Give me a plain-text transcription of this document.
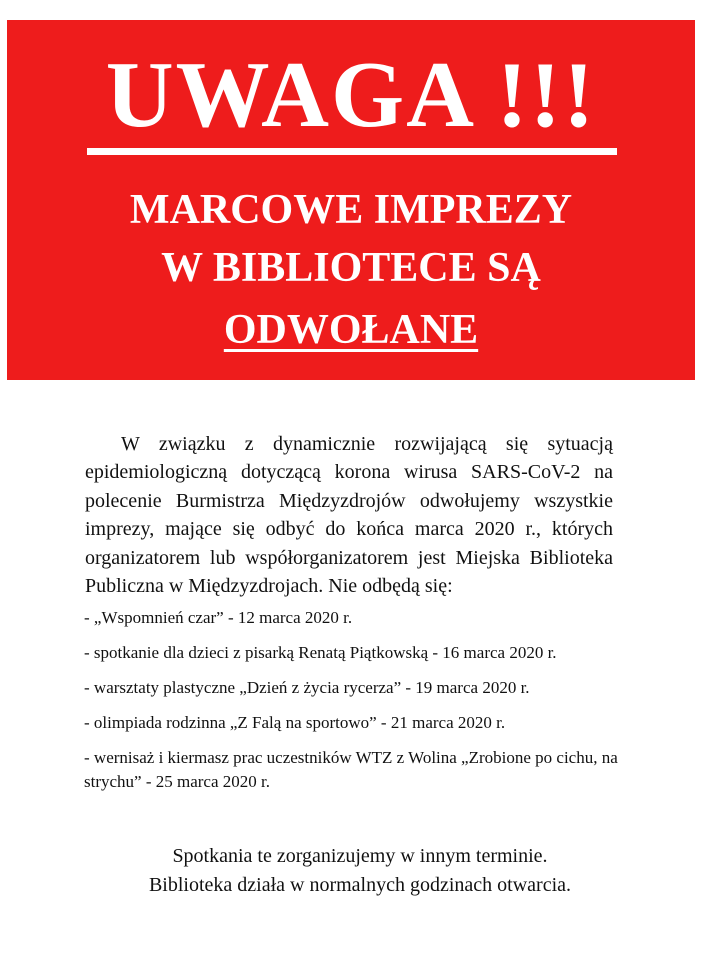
UWAGA !!!
MARCOWE IMPREZY
W BIBLIOTECE SĄ
ODWOŁANE

W związku z dynamicznie rozwijającą się sytuacją epidemiologiczną dotyczącą korona wirusa SARS-CoV-2 na polecenie Burmistrza Międzyzdrojów odwołujemy wszystkie imprezy, mające się odbyć do końca marca 2020 r., których organizatorem lub współorganizatorem jest Miejska Biblioteka Publiczna w Międzyzdrojach. Nie odbędą się:

- „Wspomnień czar” - 12 marca 2020 r.
- spotkanie dla dzieci z pisarką Renatą Piątkowską - 16 marca 2020 r.
- warsztaty plastyczne „Dzień z życia rycerza” - 19 marca 2020 r.
- olimpiada rodzinna „Z Falą na sportowo” - 21 marca 2020 r.
- wernisaż i kiermasz prac uczestników WTZ z Wolina „Zrobione po cichu, na strychu” - 25 marca 2020 r.
Spotkania te zorganizujemy w innym terminie.
Biblioteka działa w normalnych godzinach otwarcia.
